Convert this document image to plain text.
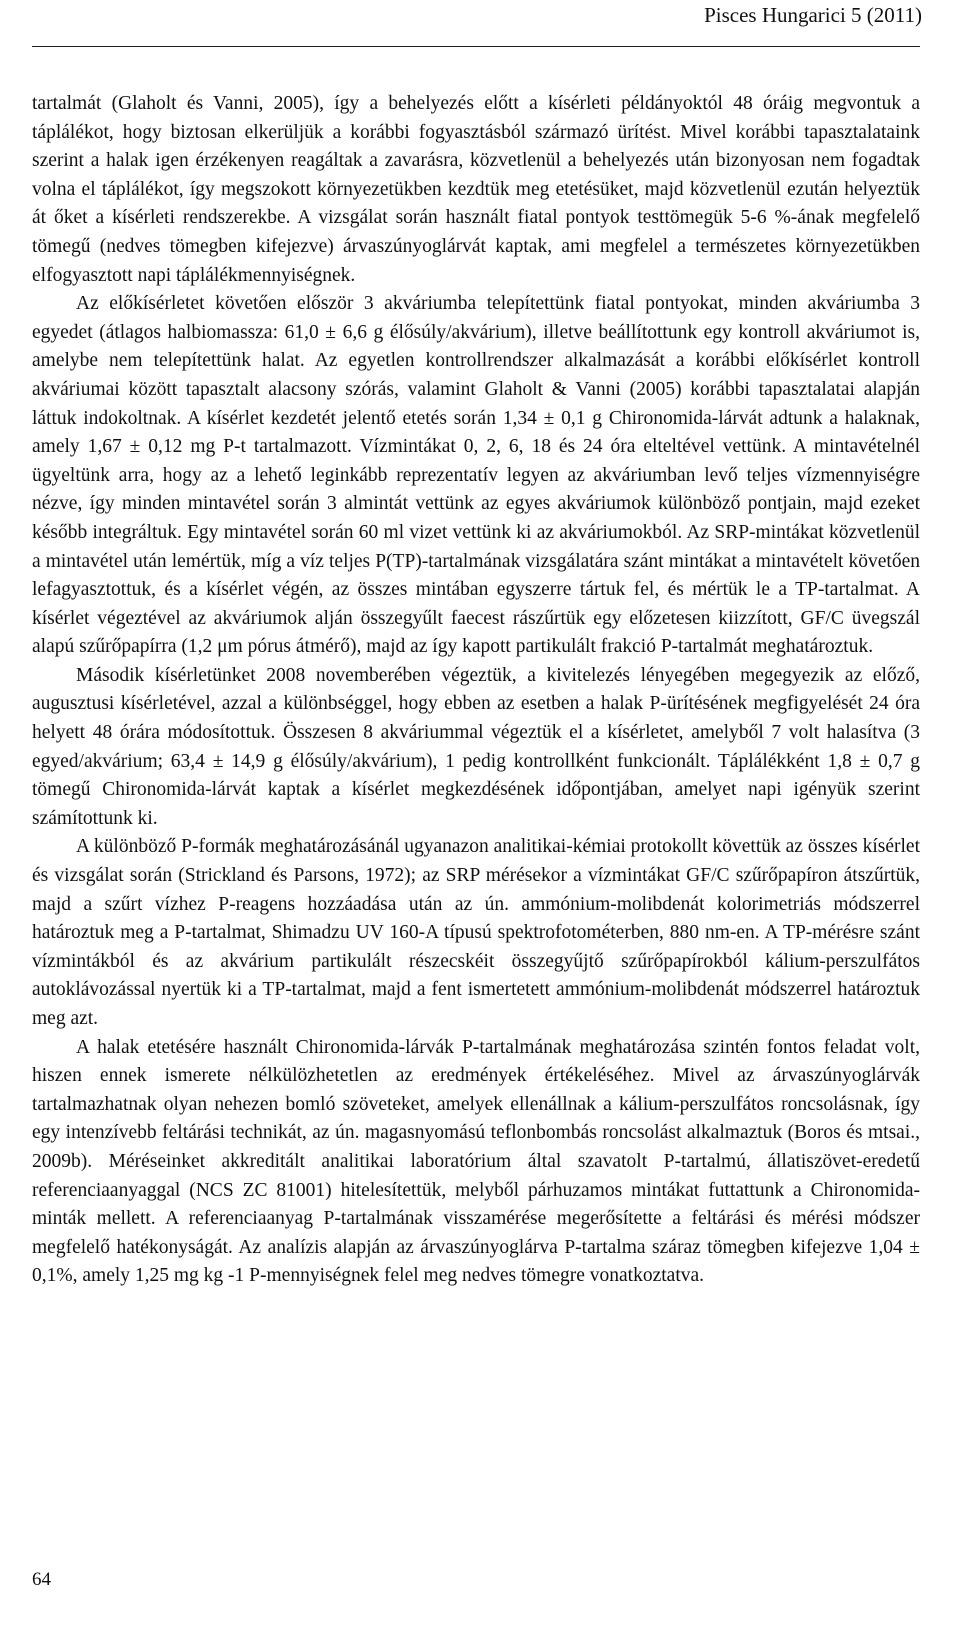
Pisces Hungarici 5 (2011)

tartalmát (Glaholt és Vanni, 2005), így a behelyezés előtt a kísérleti példányoktól 48 óráig megvontuk a táplálékot, hogy biztosan elkerüljük a korábbi fogyasztásból származó ürítést. Mivel korábbi tapasztalataink szerint a halak igen érzékenyen reagáltak a zavarásra, közvetlenül a behelyezés után bizonyosan nem fogadtak volna el táplálékot, így megszokott környezetükben kezdtük meg etetésüket, majd közvetlenül ezután helyeztük át őket a kísérleti rendszerekbe. A vizsgálat során használt fiatal pontyok testtömegük 5-6 %-ának megfelelő tömegű (nedves tömegben kifejezve) árvaszúnyoglárvát kaptak, ami megfelel a természetes környezetükben elfogyasztott napi táplálékmennyiségnek.

Az előkísérletet követően először 3 akváriumba telepítettünk fiatal pontyokat, minden akváriumba 3 egyedet (átlagos halbiomassza: 61,0 ± 6,6 g élősúly/akvárium), illetve beállítottunk egy kontroll akváriumot is, amelybe nem telepítettünk halat. Az egyetlen kontrollrendszer alkalmazását a korábbi előkísérlet kontroll akváriumai között tapasztalt alacsony szórás, valamint Glaholt & Vanni (2005) korábbi tapasztalatai alapján láttuk indokoltnak. A kísérlet kezdetét jelentő etetés során 1,34 ± 0,1 g Chironomida-lárvát adtunk a halaknak, amely 1,67 ± 0,12 mg P-t tartalmazott. Vízmintákat 0, 2, 6, 18 és 24 óra elteltével vettünk. A mintavételnél ügyeltünk arra, hogy az a lehető leginkább reprezentatív legyen az akváriumban levő teljes vízmennyiségre nézve, így minden mintavétel során 3 almintát vettünk az egyes akváriumok különböző pontjain, majd ezeket később integráltuk. Egy mintavétel során 60 ml vizet vettünk ki az akváriumokból. Az SRP-mintákat közvetlenül a mintavétel után lemértük, míg a víz teljes P(TP)-tartalmának vizsgálatára szánt mintákat a mintavételt követően lefagyasztottuk, és a kísérlet végén, az összes mintában egyszerre tártuk fel, és mértük le a TP-tartalmat. A kísérlet végeztével az akváriumok alján összegyűlt faecest rászűrtük egy előzetesen kiizzított, GF/C üvegszál alapú szűrőpapírra (1,2 μm pórus átmérő), majd az így kapott partikulált frakció P-tartalmát meghatároztuk.

Második kísérletünket 2008 novemberében végeztük, a kivitelezés lényegében megegyezik az előző, augusztusi kísérletével, azzal a különbséggel, hogy ebben az esetben a halak P-ürítésének megfigyelését 24 óra helyett 48 órára módosítottuk. Összesen 8 akváriummal végeztük el a kísérletet, amelyből 7 volt halasítva (3 egyed/akvárium; 63,4 ± 14,9 g élősúly/akvárium), 1 pedig kontrollként funkcionált. Táplálékként 1,8 ± 0,7 g tömegű Chironomida-lárvát kaptak a kísérlet megkezdésének időpontjában, amelyet napi igényük szerint számítottunk ki.

A különböző P-formák meghatározásánál ugyanazon analitikai-kémiai protokollt követtük az összes kísérlet és vizsgálat során (Strickland és Parsons, 1972); az SRP mérésekor a vízmintákat GF/C szűrőpapíron átszűrtük, majd a szűrt vízhez P-reagens hozzáadása után az ún. ammónium-molibdenát kolorimetriás módszerrel határoztuk meg a P-tartalmat, Shimadzu UV 160-A típusú spektrofotométerben, 880 nm-en. A TP-mérésre szánt vízmintákból és az akvárium partikulált részecskéit összegyűjtő szűrőpapírokból kálium-perszulfátos autoklávozással nyertük ki a TP-tartalmat, majd a fent ismertetett ammónium-molibdenát módszerrel határoztuk meg azt.

A halak etetésére használt Chironomida-lárvák P-tartalmának meghatározása szintén fontos feladat volt, hiszen ennek ismerete nélkülözhetetlen az eredmények értékeléséhez. Mivel az árvaszúnyoglárvák tartalmazhatnak olyan nehezen bomló szöveteket, amelyek ellenállnak a kálium-perszulfátos roncsolásnak, így egy intenzívebb feltárási technikát, az ún. magasnyomású teflonbombás roncsolást alkalmaztuk (Boros és mtsai., 2009b). Méréseinket akkreditált analitikai laboratórium által szavatolt P-tartalmú, állatiszövet-eredetű referenciaanyaggal (NCS ZC 81001) hitelesítettük, melyből párhuzamos mintákat futtattunk a Chironomida-minták mellett. A referenciaanyag P-tartalmának visszamérése megerősítette a feltárási és mérési módszer megfelelő hatékonyságát. Az analízis alapján az árvaszúnyoglárva P-tartalma száraz tömegben kifejezve 1,04 ± 0,1%, amely 1,25 mg kg -1 P-mennyiségnek felel meg nedves tömegre vonatkoztatva.

64
